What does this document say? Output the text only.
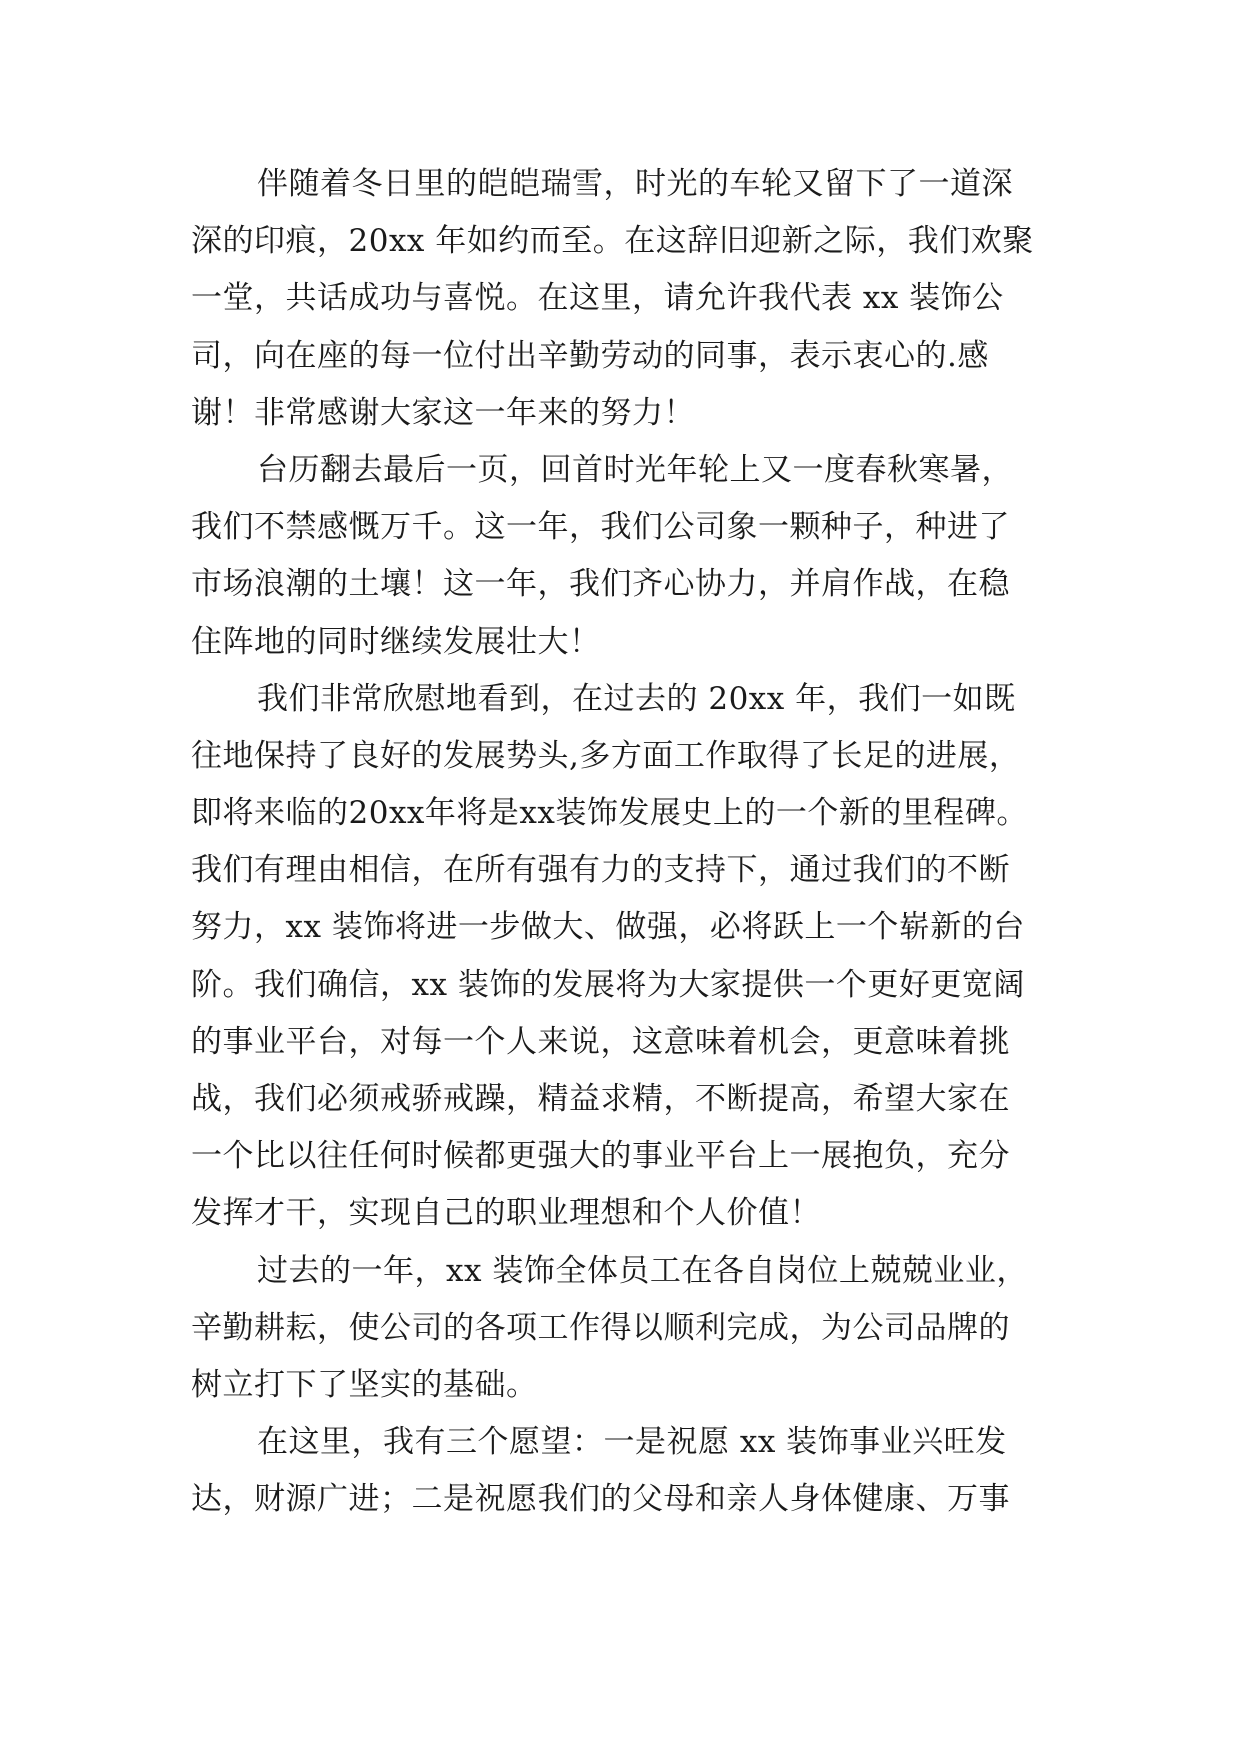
伴随着冬日里的皑皑瑞雪，时光的车轮又留下了一道深
深的印痕，20xx 年如约而至。在这辞旧迎新之际，我们欢聚
一堂，共话成功与喜悦。在这里，请允许我代表 xx 装饰公
司，向在座的每一位付出辛勤劳动的同事，表示衷心的.感
谢！非常感谢大家这一年来的努力！
台历翻去最后一页，回首时光年轮上又一度春秋寒暑，
我们不禁感慨万千。这一年，我们公司象一颗种子，种进了
市场浪潮的土壤！这一年，我们齐心协力，并肩作战，在稳
住阵地的同时继续发展壮大！
我们非常欣慰地看到，在过去的 20xx 年，我们一如既
往地保持了良好的发展势头,多方面工作取得了长足的进展，
即将来临的20xx年将是xx装饰发展史上的一个新的里程碑。
我们有理由相信，在所有强有力的支持下，通过我们的不断
努力，xx 装饰将进一步做大、做强，必将跃上一个崭新的台
阶。我们确信，xx 装饰的发展将为大家提供一个更好更宽阔
的事业平台，对每一个人来说，这意味着机会，更意味着挑
战，我们必须戒骄戒躁，精益求精，不断提高，希望大家在
一个比以往任何时候都更强大的事业平台上一展抱负，充分
发挥才干，实现自己的职业理想和个人价值！
过去的一年，xx 装饰全体员工在各自岗位上兢兢业业，
辛勤耕耘，使公司的各项工作得以顺利完成，为公司品牌的
树立打下了坚实的基础。
在这里，我有三个愿望：一是祝愿 xx 装饰事业兴旺发
达，财源广进；二是祝愿我们的父母和亲人身体健康、万事
